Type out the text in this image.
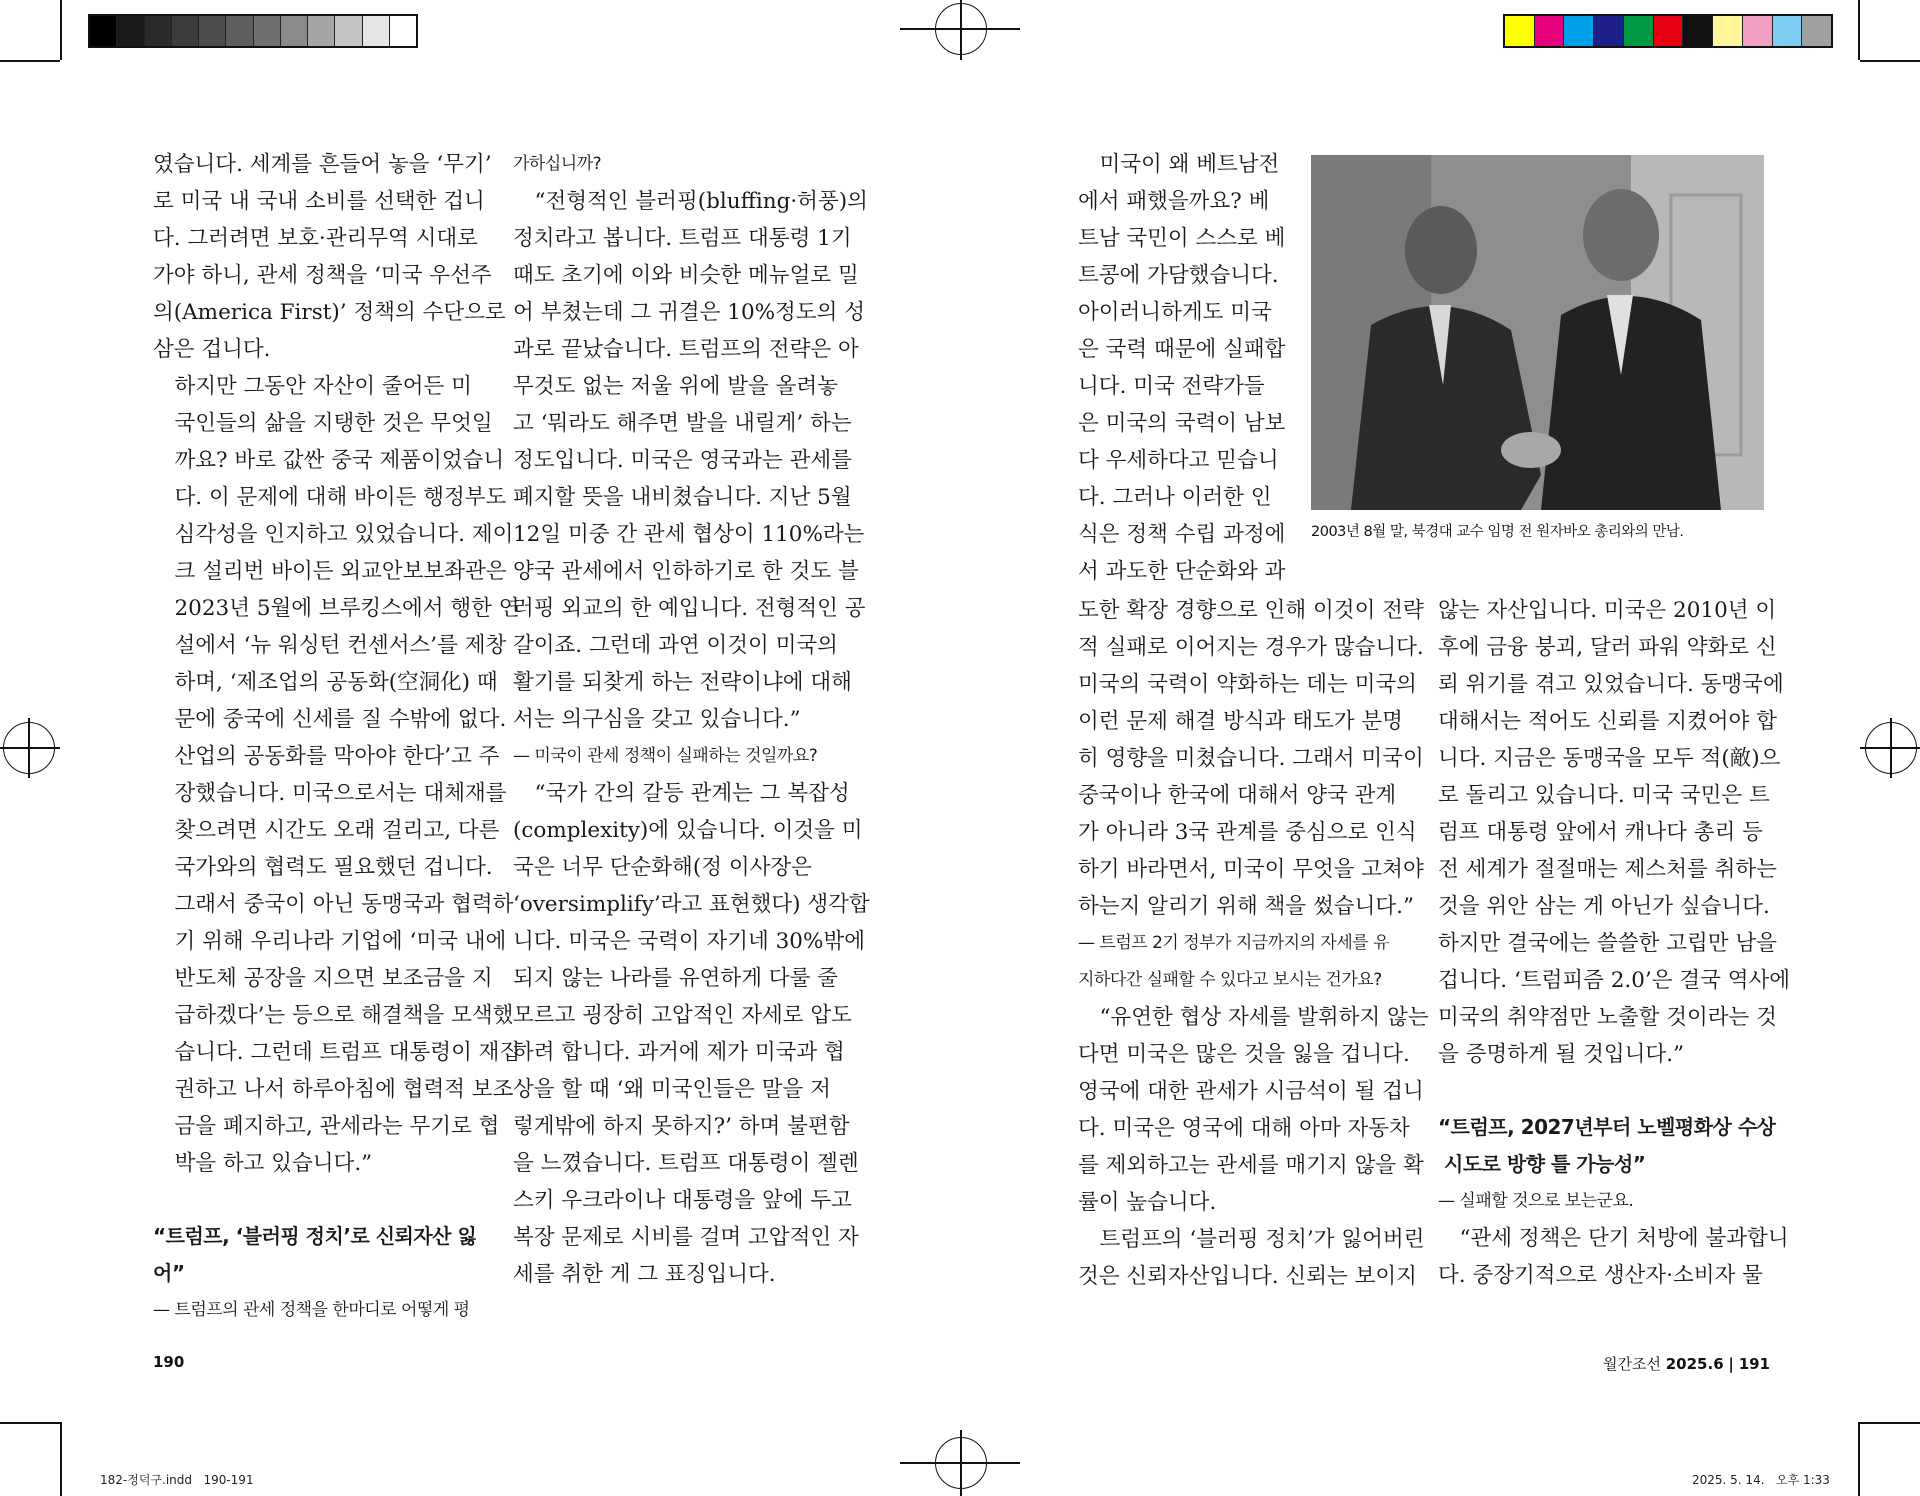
였습니다. 세계를 흔들어 놓을 ‘무기’

로 미국 내 국내 소비를 선택한 겁니

다. 그러려면 보호·관리무역 시대로

가야 하니, 관세 정책을 ‘미국 우선주

의(America First)’ 정책의 수단으로

삼은 겁니다.

하지만 그동안 자산이 줄어든 미

국인들의 삶을 지탱한 것은 무엇일

까요? 바로 값싼 중국 제품이었습니

다. 이 문제에 대해 바이든 행정부도

심각성을 인지하고 있었습니다. 제이

크 설리번 바이든 외교안보보좌관은

2023년 5월에 브루킹스에서 행한 연

설에서 ‘뉴 워싱턴 컨센서스’를 제창

하며, ‘제조업의 공동화(空洞化) 때

문에 중국에 신세를 질 수밖에 없다.

산업의 공동화를 막아야 한다’고 주

장했습니다. 미국으로서는 대체재를

찾으려면 시간도 오래 걸리고, 다른

국가와의 협력도 필요했던 겁니다.

그래서 중국이 아닌 동맹국과 협력하

기 위해 우리나라 기업에 ‘미국 내에

반도체 공장을 지으면 보조금을 지

급하겠다’는 등으로 해결책을 모색했

습니다. 그런데 트럼프 대통령이 재집

권하고 나서 하루아침에 협력적 보조

금을 폐지하고, 관세라는 무기로 협

박을 하고 있습니다.”

“트럼프, ‘블러핑 정치’로 신뢰자산 잃어”
— 트럼프의 관세 정책을 한마디로 어떻게 평
가하십니까?

“전형적인 블러핑(bluffing·허풍)의

정치라고 봅니다. 트럼프 대통령 1기

때도 초기에 이와 비슷한 메뉴얼로 밀

어 부쳤는데 그 귀결은 10%정도의 성

과로 끝났습니다. 트럼프의 전략은 아

무것도 없는 저울 위에 발을 올려놓

고 ‘뭐라도 해주면 발을 내릴게’ 하는

정도입니다. 미국은 영국과는 관세를

폐지할 뜻을 내비쳤습니다. 지난 5월

12일 미중 간 관세 협상이 110%라는

양국 관세에서 인하하기로 한 것도 블

러핑 외교의 한 예입니다. 전형적인 공

갈이죠. 그런데 과연 이것이 미국의

활기를 되찾게 하는 전략이냐에 대해

서는 의구심을 갖고 있습니다.”

— 미국이 관세 정책이 실패하는 것일까요?

“국가 간의 갈등 관계는 그 복잡성

(complexity)에 있습니다. 이것을 미

국은 너무 단순화해(정 이사장은

‘oversimplify’라고 표현했다) 생각합

니다. 미국은 국력이 자기네 30%밖에

되지 않는 나라를 유연하게 다룰 줄

모르고 굉장히 고압적인 자세로 압도

하려 합니다. 과거에 제가 미국과 협

상을 할 때 ‘왜 미국인들은 말을 저

렇게밖에 하지 못하지?’ 하며 불편함

을 느꼈습니다. 트럼프 대통령이 젤렌

스키 우크라이나 대통령을 앞에 두고

복장 문제로 시비를 걸며 고압적인 자

세를 취한 게 그 표징입니다.

미국이 왜 베트남전

에서 패했을까요? 베

트남 국민이 스스로 베

트콩에 가담했습니다.

아이러니하게도 미국

은 국력 때문에 실패합

니다. 미국 전략가들

은 미국의 국력이 남보

다 우세하다고 믿습니

다. 그러나 이러한 인

식은 정책 수립 과정에

서 과도한 단순화와 과

도한 확장 경향으로 인해 이것이 전략

적 실패로 이어지는 경우가 많습니다.

미국의 국력이 약화하는 데는 미국의

이런 문제 해결 방식과 태도가 분명

히 영향을 미쳤습니다. 그래서 미국이

중국이나 한국에 대해서 양국 관계

가 아니라 3국 관계를 중심으로 인식

하기 바라면서, 미국이 무엇을 고쳐야

하는지 알리기 위해 책을 썼습니다.”

— 트럼프 2기 정부가 지금까지의 자세를 유

지하다간 실패할 수 있다고 보시는 건가요?

“유연한 협상 자세를 발휘하지 않는

다면 미국은 많은 것을 잃을 겁니다.

영국에 대한 관세가 시금석이 될 겁니

다. 미국은 영국에 대해 아마 자동차

를 제외하고는 관세를 매기지 않을 확

률이 높습니다.

트럼프의 ‘블러핑 정치’가 잃어버린

것은 신뢰자산입니다. 신뢰는 보이지

2003년 8월 말, 북경대 교수 임명 전 원자바오 총리와의 만남.

않는 자산입니다. 미국은 2010년 이

후에 금융 붕괴, 달러 파워 약화로 신

뢰 위기를 겪고 있었습니다. 동맹국에

대해서는 적어도 신뢰를 지켰어야 합

니다. 지금은 동맹국을 모두 적(敵)으

로 돌리고 있습니다. 미국 국민은 트

럼프 대통령 앞에서 캐나다 총리 등

전 세계가 절절매는 제스처를 취하는

것을 위안 삼는 게 아닌가 싶습니다.

하지만 결국에는 쓸쓸한 고립만 남을

겁니다. ‘트럼피즘 2.0’은 결국 역사에

미국의 취약점만 노출할 것이라는 것

을 증명하게 될 것입니다.”

“트럼프, 2027년부터 노벨평화상 수상

시도로 방향 틀 가능성”

— 실패할 것으로 보는군요.

“관세 정책은 단기 처방에 불과합니

다. 중장기적으로 생산자·소비자 물

190	월간조선 2025.6 | 191
182-정덕구.indd   190-191	2025. 5. 14.   오후 1:33
